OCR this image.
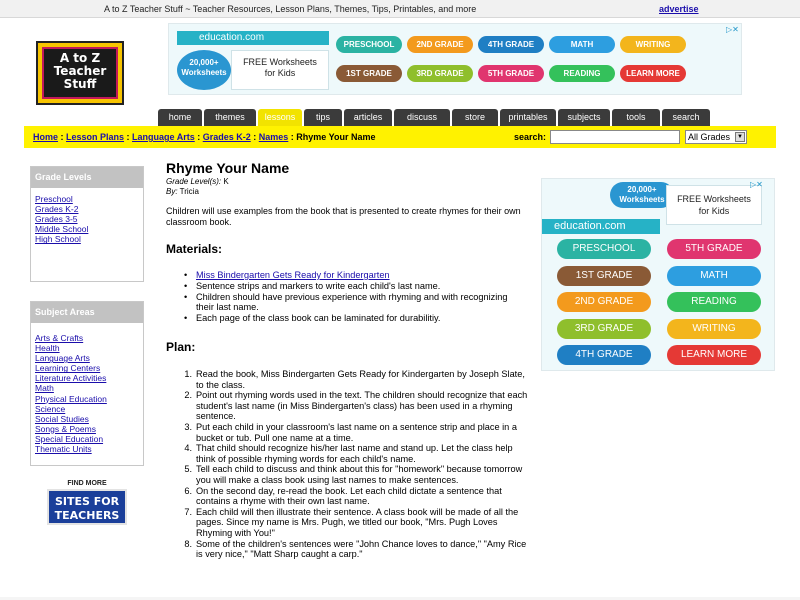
A to Z Teacher Stuff ~ Teacher Resources, Lesson Plans, Themes, Tips, Printables, and more	advertise
A to Z
Teacher
Stuff
education.com
20,000+
Worksheets
FREE Worksheets
for Kids
PRESCHOOL	2ND GRADE	4TH GRADE	MATH	WRITING
1ST GRADE	3RD GRADE	5TH GRADE	READING	LEARN MORE
▷✕
home	themes	lessons	tips	articles	discuss	store	printables	subjects	tools	search
Home : Lesson Plans : Language Arts : Grades K-2 : Names : Rhyme Your Name	search:	All Grades	▼
Grade Levels
Preschool
Grades K-2
Grades 3-5
Middle School
High School
Subject Areas
Arts & Crafts
Health
Language Arts
Learning Centers
Literature Activities
Math
Physical Education
Science
Social Studies
Songs & Poems
Special Education
Thematic Units
FIND MORE
SITES FOR
TEACHERS
Rhyme Your Name
Grade Level(s): K
By: Tricia
Children will use examples from the book that is presented to create rhymes for their own classroom book.
Materials:
• Miss Bindergarten Gets Ready for Kindergarten
• Sentence strips and markers to write each child's last name.
• Children should have previous experience with rhyming and with recognizing their last name.
• Each page of the class book can be laminated for durabilitiy.
Plan:
1. Read the book, Miss Bindergarten Gets Ready for Kindergarten by Joseph Slate, to the class.
2. Point out rhyming words used in the text. The children should recognize that each student's last name (in Miss Bindergarten's class) has been used in a rhyming sentence.
3. Put each child in your classroom's last name on a sentence strip and place in a bucket or tub. Pull one name at a time.
4. That child should recognize his/her last name and stand up. Let the class help think of possible rhyming words for each child's name.
5. Tell each child to discuss and think about this for "homework" because tomorrow you will make a class book using last names to make sentences.
6. On the second day, re-read the book. Let each child dictate a sentence that contains a rhyme with their own last name.
7. Each child will then illustrate their sentence. A class book will be made of all the pages. Since my name is Mrs. Pugh, we titled our book, "Mrs. Pugh Loves Rhyming with You!"
8. Some of the children's sentences were "John Chance loves to dance," "Amy Rice is very nice," "Matt Sharp caught a carp."
20,000+
Worksheets
education.com
FREE Worksheets
for Kids
PRESCHOOL	5TH GRADE
1ST GRADE	MATH
2ND GRADE	READING
3RD GRADE	WRITING
4TH GRADE	LEARN MORE
▷✕
